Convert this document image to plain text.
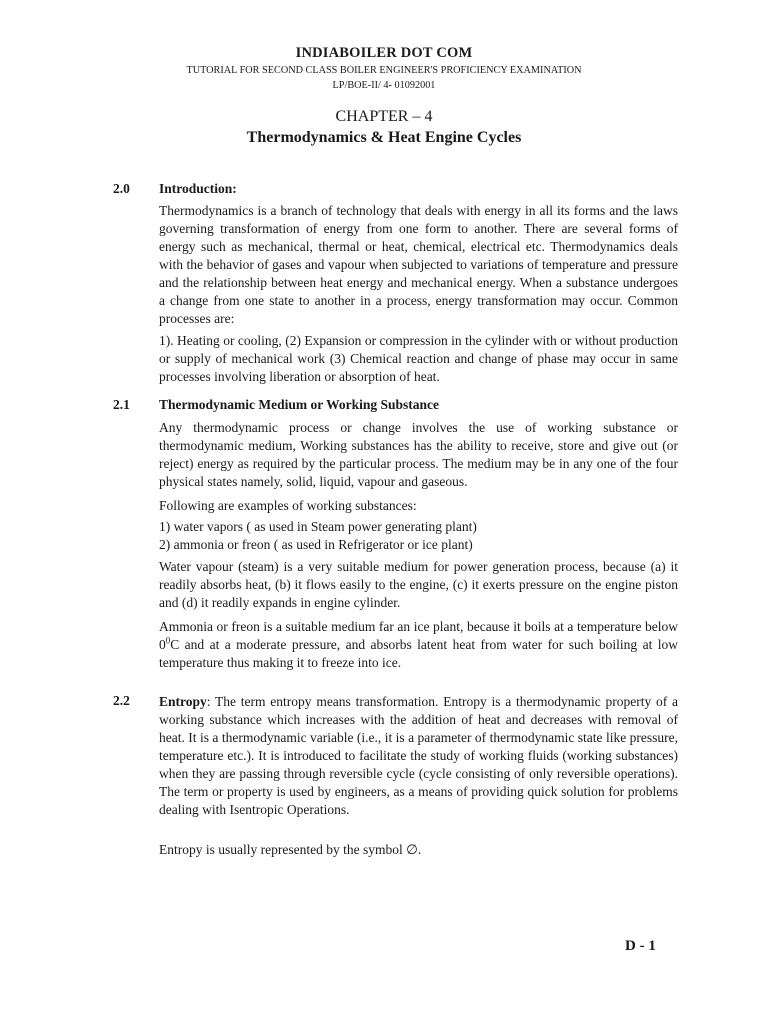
INDIABOILER DOT COM
TUTORIAL FOR SECOND CLASS BOILER ENGINEER'S PROFICIENCY EXAMINATION
LP/BOE-II/ 4- 01092001
CHAPTER – 4
Thermodynamics & Heat Engine Cycles
2.0 Introduction:

Thermodynamics is a branch of technology that deals with energy in all its forms and the laws governing transformation of energy from one form to another. There are several forms of energy such as mechanical, thermal or heat, chemical, electrical etc. Thermodynamics deals with the behavior of gases and vapour when subjected to variations of temperature and pressure and the relationship between heat energy and mechanical energy. When a substance undergoes a change from one state to another in a process, energy transformation may occur. Common processes are:

1). Heating or cooling, (2) Expansion or compression in the cylinder with or without production or supply of mechanical work (3) Chemical reaction and change of phase may occur in same processes involving liberation or absorption of heat.

2.1 Thermodynamic Medium or Working Substance

Any thermodynamic process or change involves the use of working substance or thermodynamic medium, Working substances has the ability to receive, store and give out (or reject) energy as required by the particular process. The medium may be in any one of the four physical states namely, solid, liquid, vapour and gaseous.

Following are examples of working substances:

1) water vapors ( as used in Steam power generating plant)
2) ammonia or freon ( as used in Refrigerator or ice plant)

Water vapour (steam) is a very suitable medium for power generation process, because (a) it readily absorbs heat, (b) it flows easily to the engine, (c) it exerts pressure on the engine piston and (d) it readily expands in engine cylinder.

Ammonia or freon is a suitable medium far an ice plant, because it boils at a temperature below $0^0C$ and at a moderate pressure, and absorbs latent heat from water for such boiling at low temperature thus making it to freeze into ice.

2.2 Entropy: The term entropy means transformation. Entropy is a thermodynamic property of a working substance which increases with the addition of heat and decreases with removal of heat. It is a thermodynamic variable (i.e., it is a parameter of thermodynamic state like pressure, temperature etc.). It is introduced to facilitate the study of working fluids (working substances) when they are passing through reversible cycle (cycle consisting of only reversible operations). The term or property is used by engineers, as a means of providing quick solution for problems dealing with Isentropic Operations.

Entropy is usually represented by the symbol ∅.

D - 1
